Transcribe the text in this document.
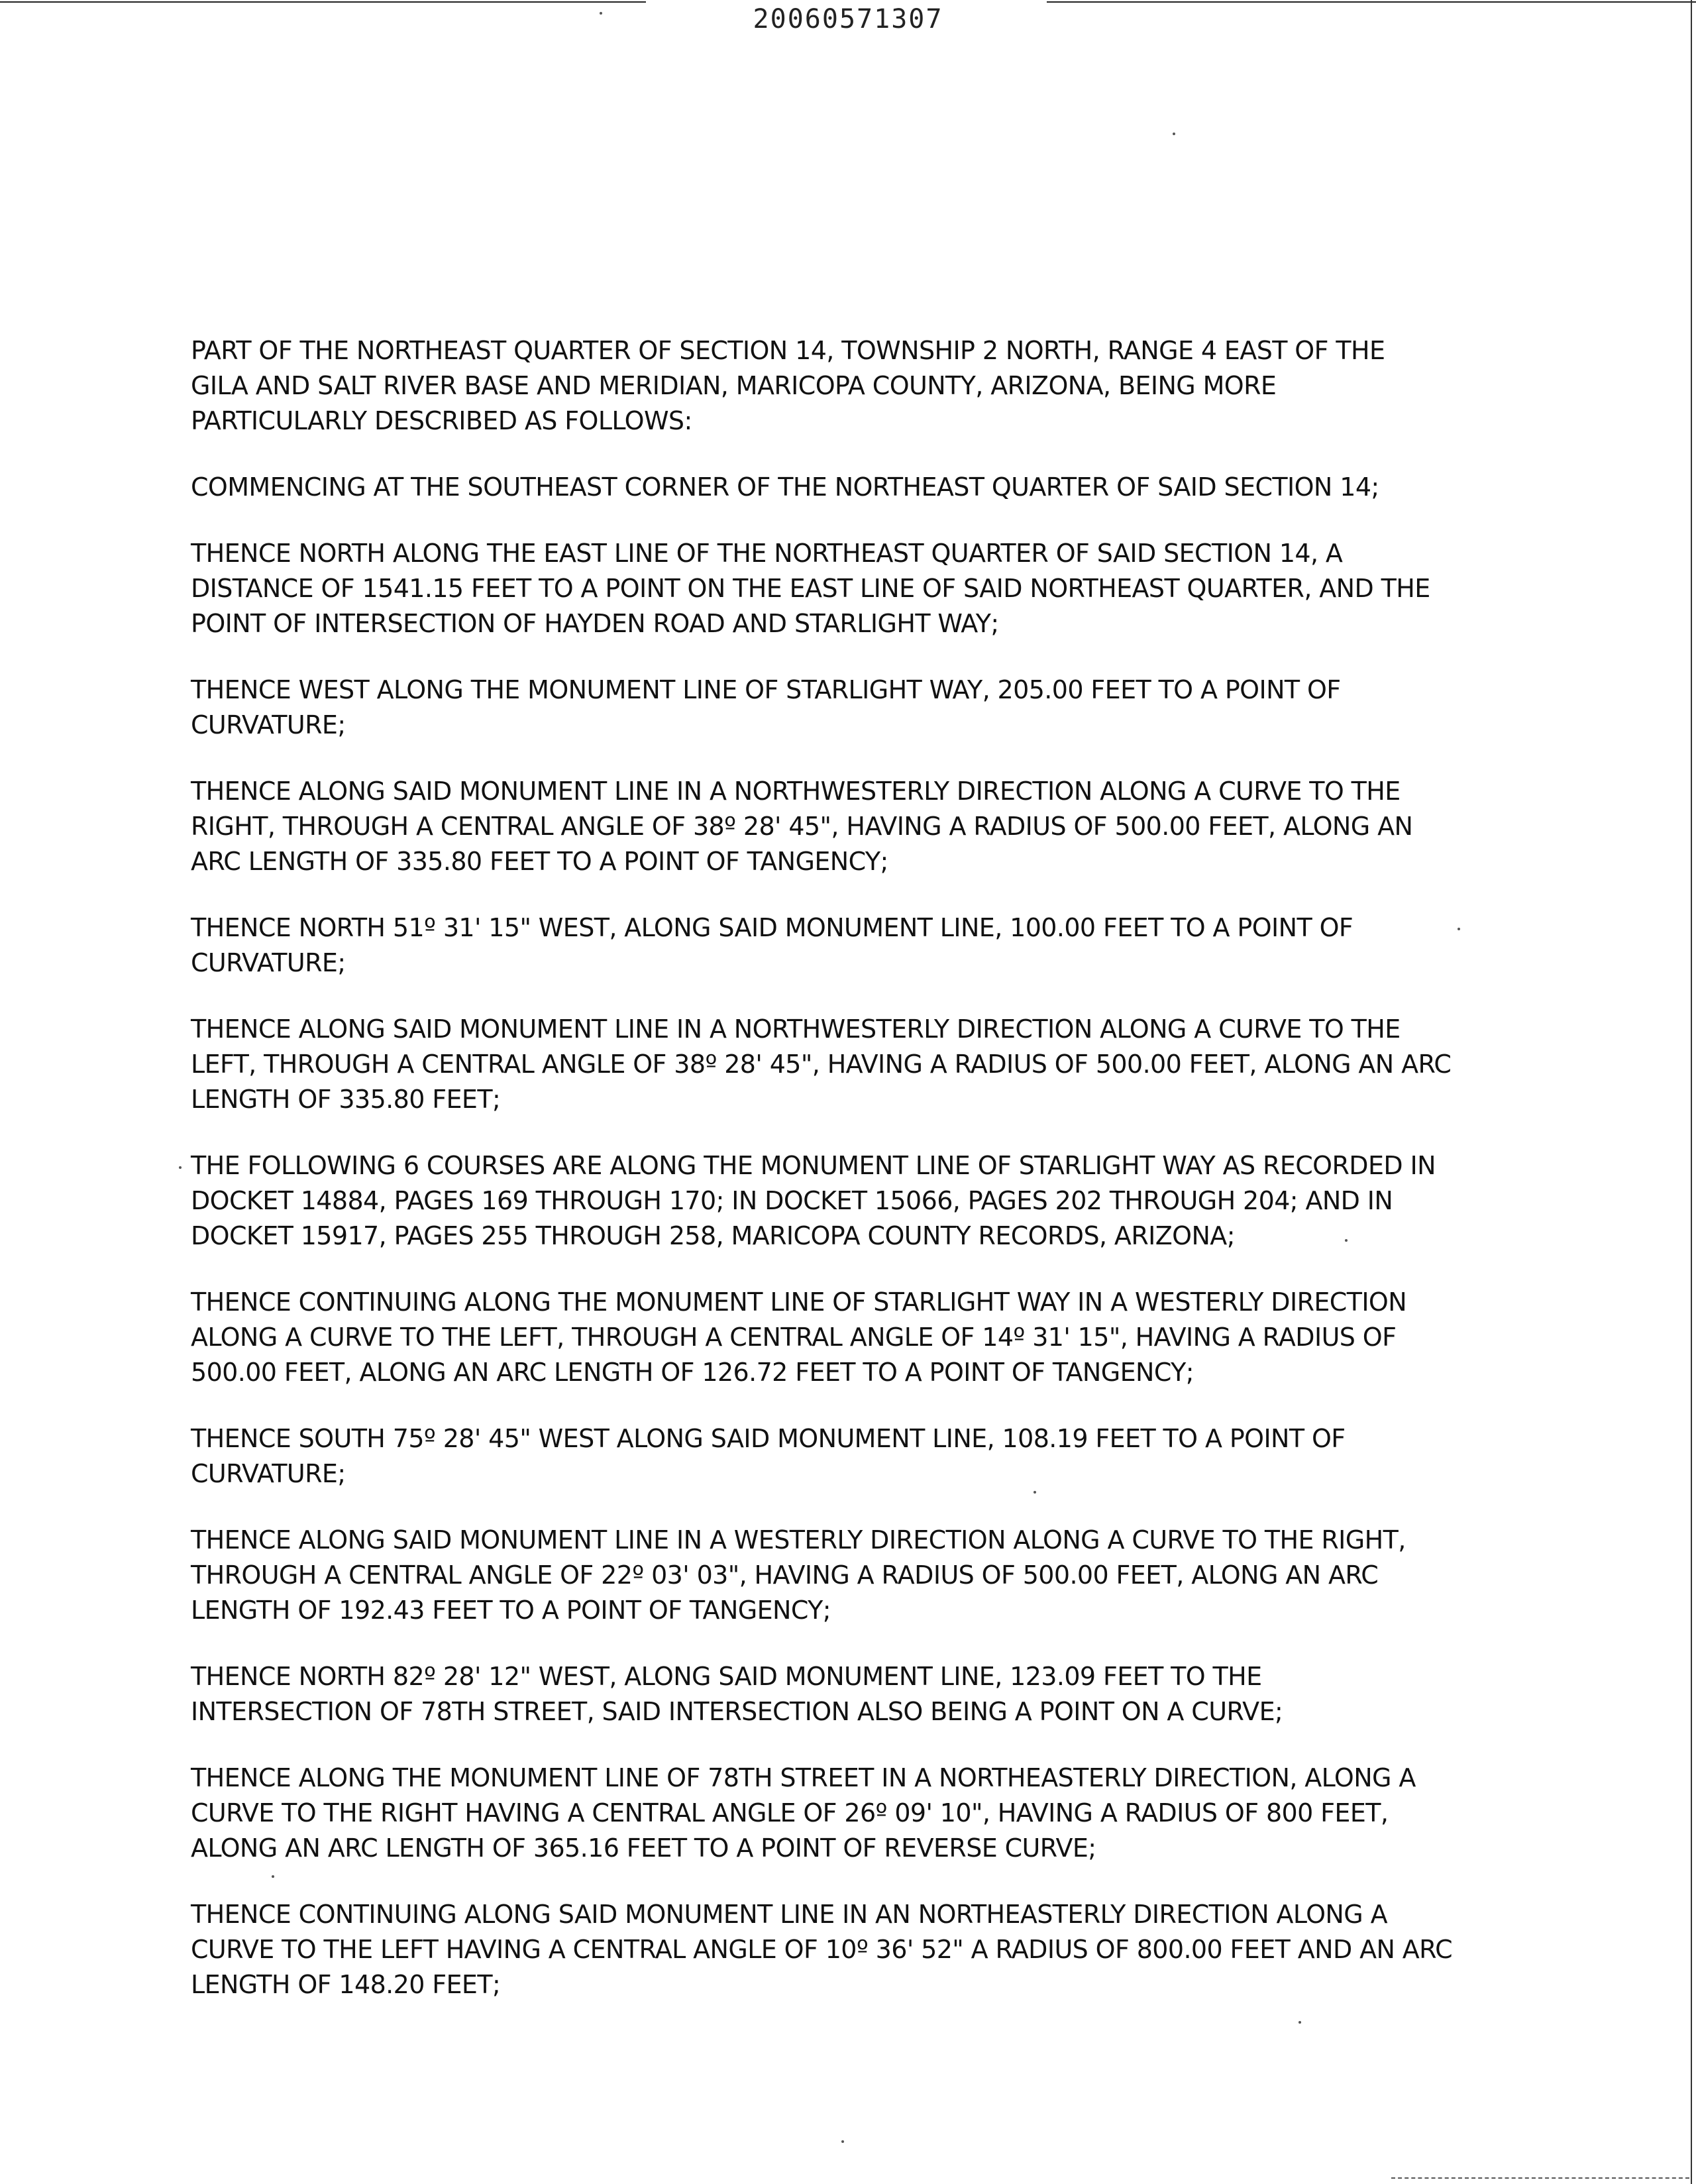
20060571307

PART OF THE NORTHEAST QUARTER OF SECTION 14, TOWNSHIP 2 NORTH, RANGE 4 EAST OF THE
GILA AND SALT RIVER BASE AND MERIDIAN, MARICOPA COUNTY, ARIZONA, BEING MORE
PARTICULARLY DESCRIBED AS FOLLOWS:

COMMENCING AT THE SOUTHEAST CORNER OF THE NORTHEAST QUARTER OF SAID SECTION 14;

THENCE NORTH ALONG THE EAST LINE OF THE NORTHEAST QUARTER OF SAID SECTION 14, A
DISTANCE OF 1541.15 FEET TO A POINT ON THE EAST LINE OF SAID NORTHEAST QUARTER, AND THE
POINT OF INTERSECTION OF HAYDEN ROAD AND STARLIGHT WAY;

THENCE WEST ALONG THE MONUMENT LINE OF STARLIGHT WAY, 205.00 FEET TO A POINT OF
CURVATURE;

THENCE ALONG SAID MONUMENT LINE IN A NORTHWESTERLY DIRECTION ALONG A CURVE TO THE
RIGHT, THROUGH A CENTRAL ANGLE OF 38º 28' 45", HAVING A RADIUS OF 500.00 FEET, ALONG AN
ARC LENGTH OF 335.80 FEET TO A POINT OF TANGENCY;

THENCE NORTH 51º 31' 15" WEST, ALONG SAID MONUMENT LINE, 100.00 FEET TO A POINT OF
CURVATURE;

THENCE ALONG SAID MONUMENT LINE IN A NORTHWESTERLY DIRECTION ALONG A CURVE TO THE
LEFT, THROUGH A CENTRAL ANGLE OF 38º 28' 45", HAVING A RADIUS OF 500.00 FEET, ALONG AN ARC
LENGTH OF 335.80 FEET;

THE FOLLOWING 6 COURSES ARE ALONG THE MONUMENT LINE OF STARLIGHT WAY AS RECORDED IN
DOCKET 14884, PAGES 169 THROUGH 170; IN DOCKET 15066, PAGES 202 THROUGH 204; AND IN
DOCKET 15917, PAGES 255 THROUGH 258, MARICOPA COUNTY RECORDS, ARIZONA;

THENCE CONTINUING ALONG THE MONUMENT LINE OF STARLIGHT WAY IN A WESTERLY DIRECTION
ALONG A CURVE TO THE LEFT, THROUGH A CENTRAL ANGLE OF 14º 31' 15", HAVING A RADIUS OF
500.00 FEET, ALONG AN ARC LENGTH OF 126.72 FEET TO A POINT OF TANGENCY;

THENCE SOUTH 75º 28' 45" WEST ALONG SAID MONUMENT LINE, 108.19 FEET TO A POINT OF
CURVATURE;

THENCE ALONG SAID MONUMENT LINE IN A WESTERLY DIRECTION ALONG A CURVE TO THE RIGHT,
THROUGH A CENTRAL ANGLE OF 22º 03' 03", HAVING A RADIUS OF 500.00 FEET, ALONG AN ARC
LENGTH OF 192.43 FEET TO A POINT OF TANGENCY;

THENCE NORTH 82º 28' 12" WEST, ALONG SAID MONUMENT LINE, 123.09 FEET TO THE
INTERSECTION OF 78TH STREET, SAID INTERSECTION ALSO BEING A POINT ON A CURVE;

THENCE ALONG THE MONUMENT LINE OF 78TH STREET IN A NORTHEASTERLY DIRECTION, ALONG A
CURVE TO THE RIGHT HAVING A CENTRAL ANGLE OF 26º 09' 10", HAVING A RADIUS OF 800 FEET,
ALONG AN ARC LENGTH OF 365.16 FEET TO A POINT OF REVERSE CURVE;

THENCE CONTINUING ALONG SAID MONUMENT LINE IN AN NORTHEASTERLY DIRECTION ALONG A
CURVE TO THE LEFT HAVING A CENTRAL ANGLE OF 10º 36' 52" A RADIUS OF 800.00 FEET AND AN ARC
LENGTH OF 148.20 FEET;
